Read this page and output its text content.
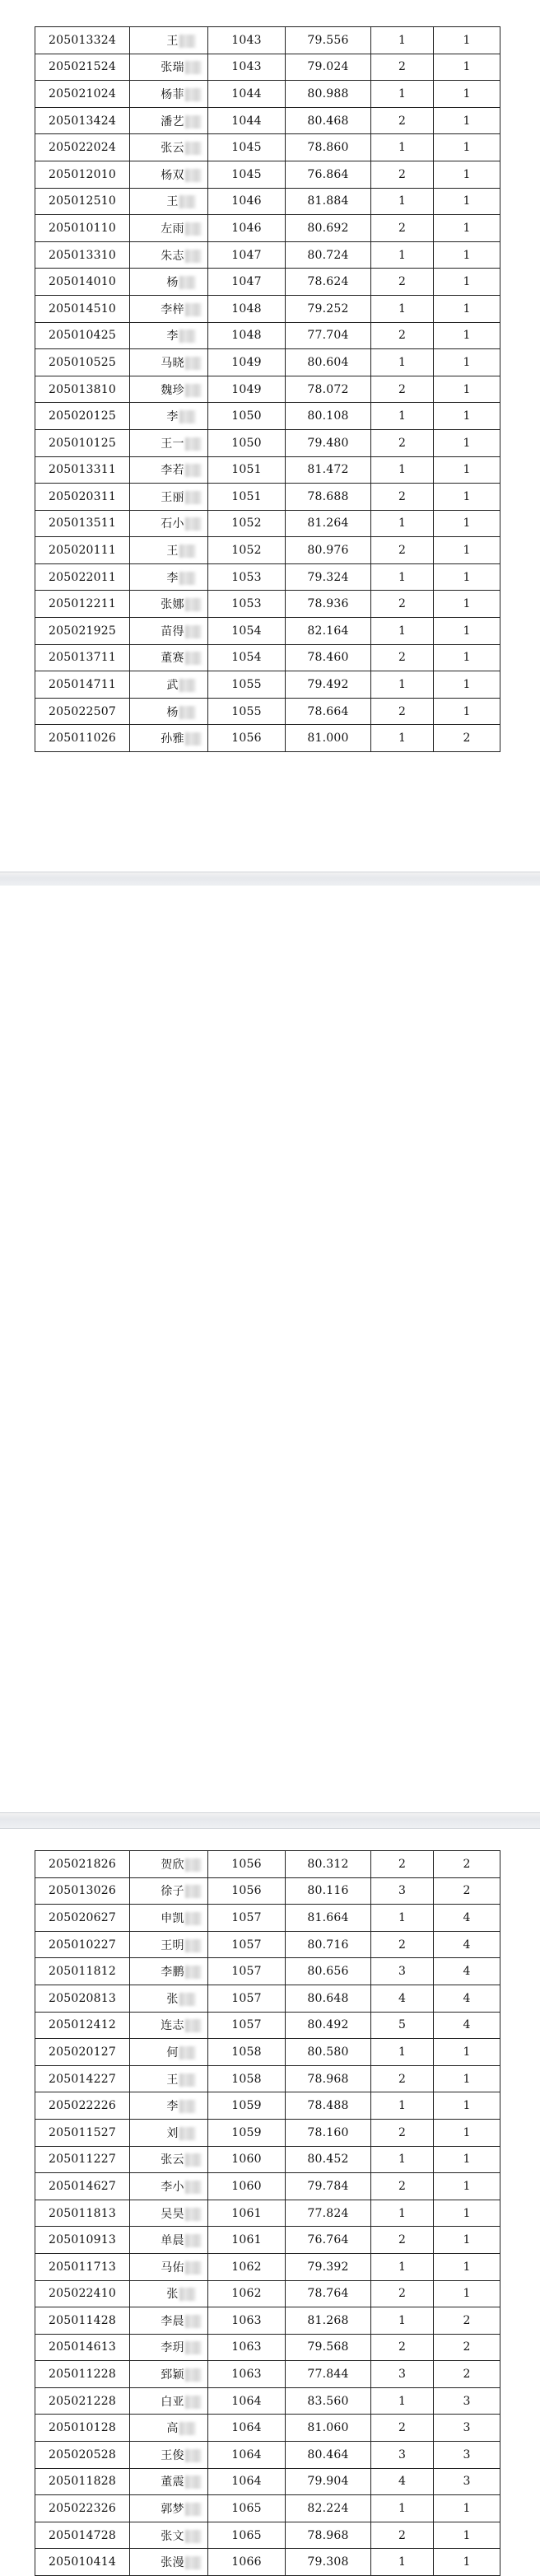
205013324	王	1043	79.556	1	1
205021524	张瑞	1043	79.024	2	1
205021024	杨菲	1044	80.988	1	1
205013424	潘艺	1044	80.468	2	1
205022024	张云	1045	78.860	1	1
205012010	杨双	1045	76.864	2	1
205012510	王	1046	81.884	1	1
205010110	左雨	1046	80.692	2	1
205013310	朱志	1047	80.724	1	1
205014010	杨	1047	78.624	2	1
205014510	李梓	1048	79.252	1	1
205010425	李	1048	77.704	2	1
205010525	马晓	1049	80.604	1	1
205013810	魏珍	1049	78.072	2	1
205020125	李	1050	80.108	1	1
205010125	王一	1050	79.480	2	1
205013311	李若	1051	81.472	1	1
205020311	王丽	1051	78.688	2	1
205013511	石小	1052	81.264	1	1
205020111	王	1052	80.976	2	1
205022011	李	1053	79.324	1	1
205012211	张娜	1053	78.936	2	1
205021925	苗得	1054	82.164	1	1
205013711	董赛	1054	78.460	2	1
205014711	武	1055	79.492	1	1
205022507	杨	1055	78.664	2	1
205011026	孙雅	1056	81.000	1	2
205021826	贺欣	1056	80.312	2	2
205013026	徐子	1056	80.116	3	2
205020627	申凯	1057	81.664	1	4
205010227	王明	1057	80.716	2	4
205011812	李鹏	1057	80.656	3	4
205020813	张	1057	80.648	4	4
205012412	连志	1057	80.492	5	4
205020127	何	1058	80.580	1	1
205014227	王	1058	78.968	2	1
205022226	李	1059	78.488	1	1
205011527	刘	1059	78.160	2	1
205011227	张云	1060	80.452	1	1
205014627	李小	1060	79.784	2	1
205011813	吴昊	1061	77.824	1	1
205010913	单晨	1061	76.764	2	1
205011713	马佑	1062	79.392	1	1
205022410	张	1062	78.764	2	1
205011428	李晨	1063	81.268	1	2
205014613	李玥	1063	79.568	2	2
205011228	郅颖	1063	77.844	3	2
205021228	白亚	1064	83.560	1	3
205010128	高	1064	81.060	2	3
205020528	王俊	1064	80.464	3	3
205011828	董震	1064	79.904	4	3
205022326	郭梦	1065	82.224	1	1
205014728	张文	1065	78.968	2	1
205010414	张漫	1066	79.308	1	1
